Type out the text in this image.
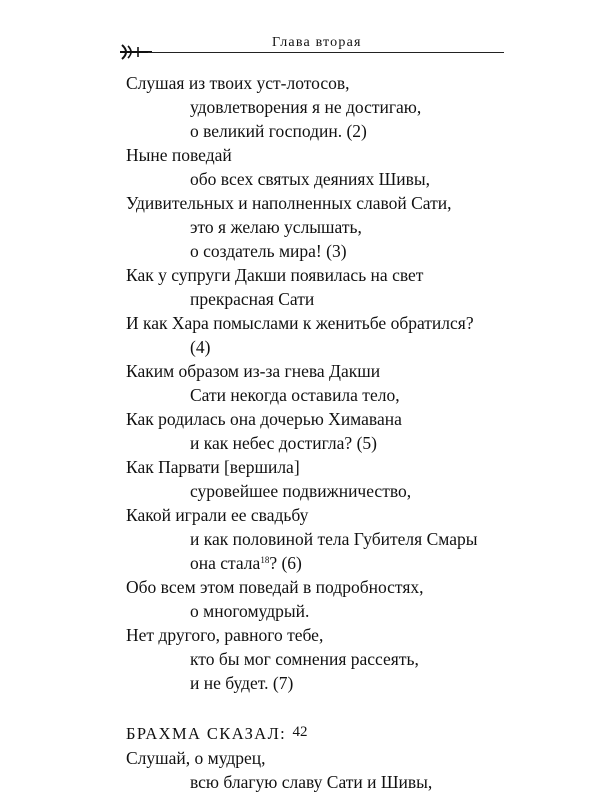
Глава вторая
Слушая из твоих уст-лотосов,
удовлетворения я не достигаю,
о великий господин. (2)
Ныне поведай
обо всех святых деяниях Шивы,
Удивительных и наполненных славой Сати,
это я желаю услышать,
о создатель мира! (3)
Как у супруги Дакши появилась на свет
прекрасная Сати
И как Хара помыслами к женитьбе обратился?
(4)
Каким образом из-за гнева Дакши
Сати некогда оставила тело,
Как родилась она дочерью Химавана
и как небес достигла? (5)
Как Парвати [вершила]
суровейшее подвижничество,
Какой играли ее свадьбу
и как половиной тела Губителя Смары
она стала$^{18}$? (6)
Обо всем этом поведай в подробностях,
о многомудрый.
Нет другого, равного тебе,
кто бы мог сомнения рассеять,
и не будет. (7)
БРАХМА СКАЗАЛ:
Слушай, о мудрец,
всю благую славу Сати и Шивы,
42
